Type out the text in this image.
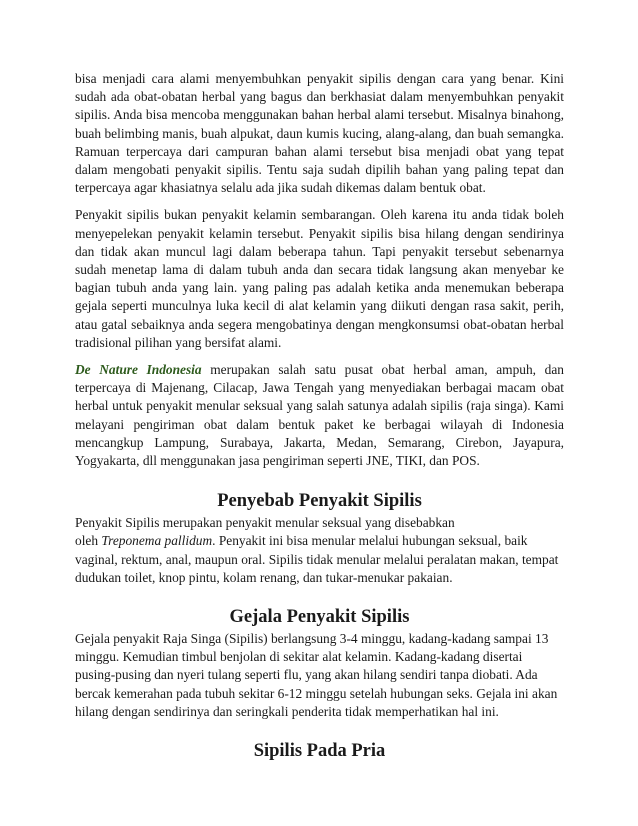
bisa menjadi cara alami menyembuhkan penyakit sipilis dengan cara yang benar. Kini sudah ada obat-obatan herbal yang bagus dan berkhasiat dalam menyembuhkan penyakit sipilis. Anda bisa mencoba menggunakan bahan herbal alami tersebut. Misalnya binahong, buah belimbing manis, buah alpukat, daun kumis kucing, alang-alang, dan buah semangka. Ramuan terpercaya dari campuran bahan alami tersebut bisa menjadi obat yang tepat dalam mengobati penyakit sipilis. Tentu saja sudah dipilih bahan yang paling tepat dan terpercaya agar khasiatnya selalu ada jika sudah dikemas dalam bentuk obat.

Penyakit sipilis bukan penyakit kelamin sembarangan. Oleh karena itu anda tidak boleh menyepelekan penyakit kelamin tersebut. Penyakit sipilis bisa hilang dengan sendirinya dan tidak akan muncul lagi dalam beberapa tahun. Tapi penyakit tersebut sebenarnya sudah menetap lama di dalam tubuh anda dan secara tidak langsung akan menyebar ke bagian tubuh anda yang lain. yang paling pas adalah ketika anda menemukan beberapa gejala seperti munculnya luka kecil di alat kelamin yang diikuti dengan rasa sakit, perih, atau gatal sebaiknya anda segera mengobatinya dengan mengkonsumsi obat-obatan herbal tradisional pilihan yang bersifat alami.

De Nature Indonesia merupakan salah satu pusat obat herbal aman, ampuh, dan terpercaya di Majenang, Cilacap, Jawa Tengah yang menyediakan berbagai macam obat herbal untuk penyakit menular seksual yang salah satunya adalah sipilis (raja singa). Kami melayani pengiriman obat dalam bentuk paket ke berbagai wilayah di Indonesia mencangkup Lampung, Surabaya, Jakarta, Medan, Semarang, Cirebon, Jayapura, Yogyakarta, dll menggunakan jasa pengiriman seperti JNE, TIKI, dan POS.

Penyebab Penyakit Sipilis

Penyakit Sipilis merupakan penyakit menular seksual yang disebabkan

oleh Treponema pallidum. Penyakit ini bisa menular melalui hubungan seksual, baik vaginal, rektum, anal, maupun oral. Sipilis tidak menular melalui peralatan makan, tempat dudukan toilet, knop pintu, kolam renang, dan tukar-menukar pakaian.

Gejala Penyakit Sipilis

Gejala penyakit Raja Singa (Sipilis) berlangsung 3-4 minggu, kadang-kadang sampai 13 minggu. Kemudian timbul benjolan di sekitar alat kelamin. Kadang-kadang disertai pusing-pusing dan nyeri tulang seperti flu, yang akan hilang sendiri tanpa diobati. Ada bercak kemerahan pada tubuh sekitar 6-12 minggu setelah hubungan seks. Gejala ini akan hilang dengan sendirinya dan seringkali penderita tidak memperhatikan hal ini.

Sipilis Pada Pria
